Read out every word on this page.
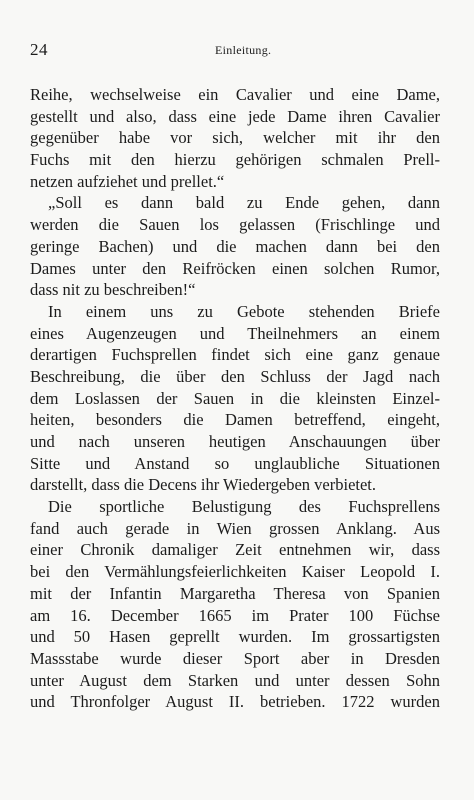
24	Einleitung.
Reihe, wechselweise ein Cavalier und eine Dame,
gestellt und also, dass eine jede Dame ihren Cavalier
gegenüber habe vor sich, welcher mit ihr den
Fuchs mit den hierzu gehörigen schmalen Prell-
netzen aufziehet und prellet.“
„Soll es dann bald zu Ende gehen, dann
werden die Sauen los gelassen (Frischlinge und
geringe Bachen) und die machen dann bei den
Dames unter den Reifröcken einen solchen Rumor,
dass nit zu beschreiben!“
In einem uns zu Gebote stehenden Briefe
eines Augenzeugen und Theilnehmers an einem
derartigen Fuchsprellen findet sich eine ganz genaue
Beschreibung, die über den Schluss der Jagd nach
dem Loslassen der Sauen in die kleinsten Einzel-
heiten, besonders die Damen betreffend, eingeht,
und nach unseren heutigen Anschauungen über
Sitte und Anstand so unglaubliche Situationen
darstellt, dass die Decens ihr Wiedergeben verbietet.
Die sportliche Belustigung des Fuchsprellens
fand auch gerade in Wien grossen Anklang. Aus
einer Chronik damaliger Zeit entnehmen wir, dass
bei den Vermählungsfeierlichkeiten Kaiser Leopold I.
mit der Infantin Margaretha Theresa von Spanien
am 16. December 1665 im Prater 100 Füchse
und 50 Hasen geprellt wurden. Im grossartigsten
Massstabe wurde dieser Sport aber in Dresden
unter August dem Starken und unter dessen Sohn
und Thronfolger August II. betrieben. 1722 wurden
